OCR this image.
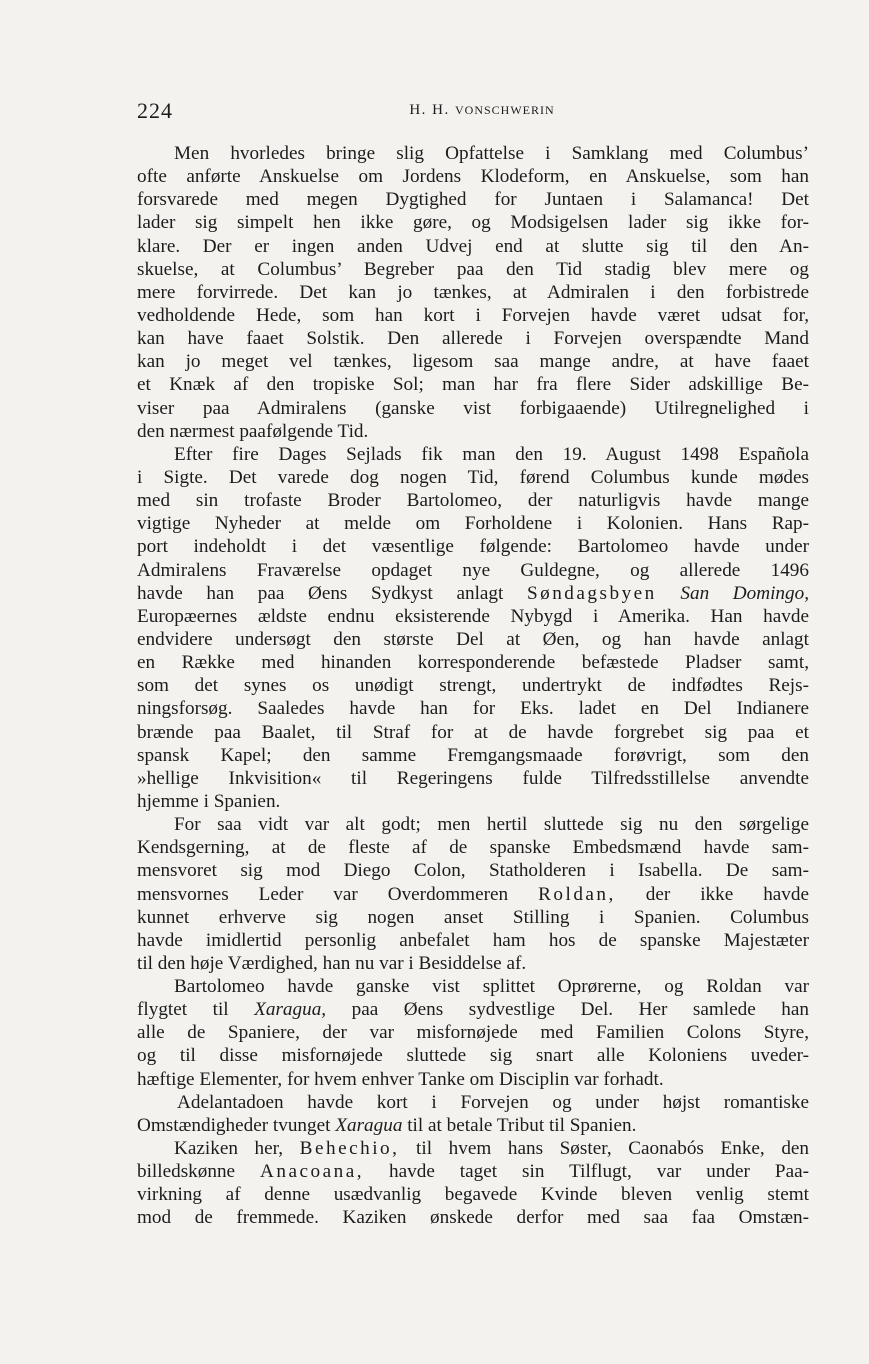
224	H. H. VONSCHWERIN
Men hvorledes bringe slig Opfattelse i Samklang med Columbus’
ofte anførte Anskuelse om Jordens Klodeform, en Anskuelse, som han
forsvarede med megen Dygtighed for Juntaen i Salamanca! Det
lader sig simpelt hen ikke gøre, og Modsigelsen lader sig ikke for-
klare. Der er ingen anden Udvej end at slutte sig til den An-
skuelse, at Columbus’ Begreber paa den Tid stadig blev mere og
mere forvirrede. Det kan jo tænkes, at Admiralen i den forbistrede
vedholdende Hede, som han kort i Forvejen havde været udsat for,
kan have faaet Solstik. Den allerede i Forvejen overspændte Mand
kan jo meget vel tænkes, ligesom saa mange andre, at have faaet
et Knæk af den tropiske Sol; man har fra flere Sider adskillige Be-
viser paa Admiralens (ganske vist forbigaaende) Utilregnelighed i
den nærmest paafølgende Tid.
Efter fire Dages Sejlads fik man den 19. August 1498 Española
i Sigte. Det varede dog nogen Tid, førend Columbus kunde mødes
med sin trofaste Broder Bartolomeo, der naturligvis havde mange
vigtige Nyheder at melde om Forholdene i Kolonien. Hans Rap-
port indeholdt i det væsentlige følgende: Bartolomeo havde under
Admiralens Fraværelse opdaget nye Guldegne, og allerede 1496
havde han paa Øens Sydkyst anlagt Søndagsbyen San Domingo,
Europæernes ældste endnu eksisterende Nybygd i Amerika. Han havde
endvidere undersøgt den største Del at Øen, og han havde anlagt
en Række med hinanden korresponderende befæstede Pladser samt,
som det synes os unødigt strengt, undertrykt de indfødtes Rejs-
ningsforsøg. Saaledes havde han for Eks. ladet en Del Indianere
brænde paa Baalet, til Straf for at de havde forgrebet sig paa et
spansk Kapel; den samme Fremgangsmaade forøvrigt, som den
»hellige Inkvisition« til Regeringens fulde Tilfredsstillelse anvendte
hjemme i Spanien.
For saa vidt var alt godt; men hertil sluttede sig nu den sørgelige
Kendsgerning, at de fleste af de spanske Embedsmænd havde sam-
mensvoret sig mod Diego Colon, Statholderen i Isabella. De sam-
mensvornes Leder var Overdommeren Roldan, der ikke havde
kunnet erhverve sig nogen anset Stilling i Spanien. Columbus
havde imidlertid personlig anbefalet ham hos de spanske Majestæter
til den høje Værdighed, han nu var i Besiddelse af.
Bartolomeo havde ganske vist splittet Oprørerne, og Roldan var
flygtet til Xaragua, paa Øens sydvestlige Del. Her samlede han
alle de Spaniere, der var misfornøjede med Familien Colons Styre,
og til disse misfornøjede sluttede sig snart alle Koloniens uveder-
hæftige Elementer, for hvem enhver Tanke om Disciplin var forhadt.
Adelantadoen havde kort i Forvejen og under højst romantiske
Omstændigheder tvunget Xaragua til at betale Tribut til Spanien.
Kaziken her, Behechio, til hvem hans Søster, Caonabós Enke, den
billedskønne Anacoana, havde taget sin Tilflugt, var under Paa-
virkning af denne usædvanlig begavede Kvinde bleven venlig stemt
mod de fremmede. Kaziken ønskede derfor med saa faa Omstæn-
